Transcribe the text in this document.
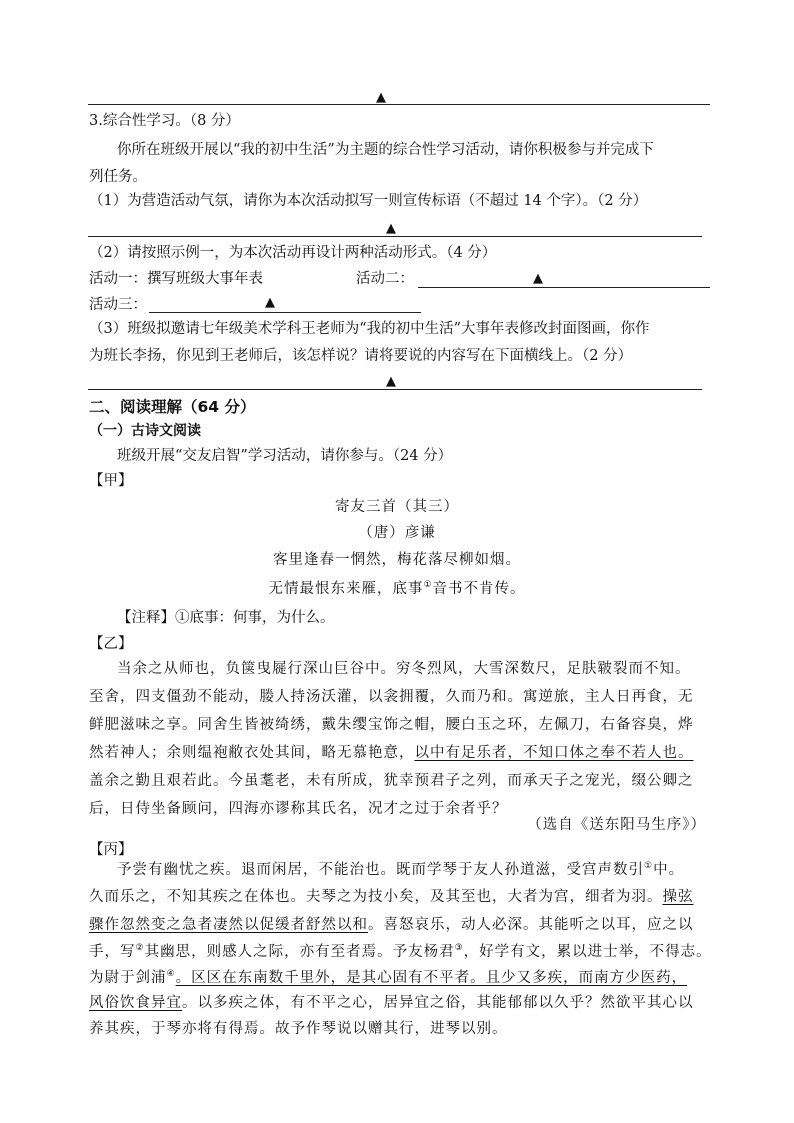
▲
3.综合性学习。（8 分）
你所在班级开展以“我的初中生活”为主题的综合性学习活动，请你积极参与并完成下
列任务。
（1）为营造活动气氛，请你为本次活动拟写一则宣传标语（不超过 14 个字）。（2 分）
▲
（2）请按照示例一，为本次活动再设计两种活动形式。（4 分）
活动一：撰写班级大事年表	活动二：	▲
活动三：	▲
（3）班级拟邀请七年级美术学科王老师为“我的初中生活”大事年表修改封面图画，你作
为班长李扬，你见到王老师后，该怎样说？请将要说的内容写在下面横线上。（2 分）
▲
二、阅读理解（64 分）
（一）古诗文阅读
班级开展“交友启智”学习活动，请你参与。（24 分）
【甲】
寄友三首（其三）
（唐）彦谦
客里逢春一惘然，梅花落尽柳如烟。
无情最恨东来雁，底事①音书不肯传。
【注释】①底事：何事，为什么。
【乙】
当余之从师也，负箧曳屣行深山巨谷中。穷冬烈风，大雪深数尺，足肤皲裂而不知。
至舍，四支僵劲不能动，媵人持汤沃灌，以衾拥覆，久而乃和。寓逆旅，主人日再食，无
鲜肥滋味之享。同舍生皆被绮绣，戴朱缨宝饰之帽，腰白玉之环，左佩刀，右备容臭，烨
然若神人；余则缊袍敝衣处其间，略无慕艳意，以中有足乐者，不知口体之奉不若人也。
盖余之勤且艰若此。今虽耄老，未有所成，犹幸预君子之列，而承天子之宠光，缀公卿之
后，日侍坐备顾问，四海亦谬称其氏名，况才之过于余者乎？
（选自《送东阳马生序》）
【丙】
予尝有幽忧之疾。退而闲居，不能治也。既而学琴于友人孙道滋，受宫声数引①中。
久而乐之，不知其疾之在体也。夫琴之为技小矣，及其至也，大者为宫，细者为羽。操弦
骤作忽然变之急者凄然以促缓者舒然以和。喜怒哀乐，动人必深。其能听之以耳，应之以
手，写②其幽思，则感人之际，亦有至者焉。予友杨君③，好学有文，累以进士举，不得志。
为尉于剑浦④。区区在东南数千里外，是其心固有不平者。且少又多疾，而南方少医药，
风俗饮食异宜。以多疾之体，有不平之心，居异宜之俗，其能郁郁以久乎？然欲平其心以
养其疾，于琴亦将有得焉。故予作琴说以赠其行，进琴以别。
